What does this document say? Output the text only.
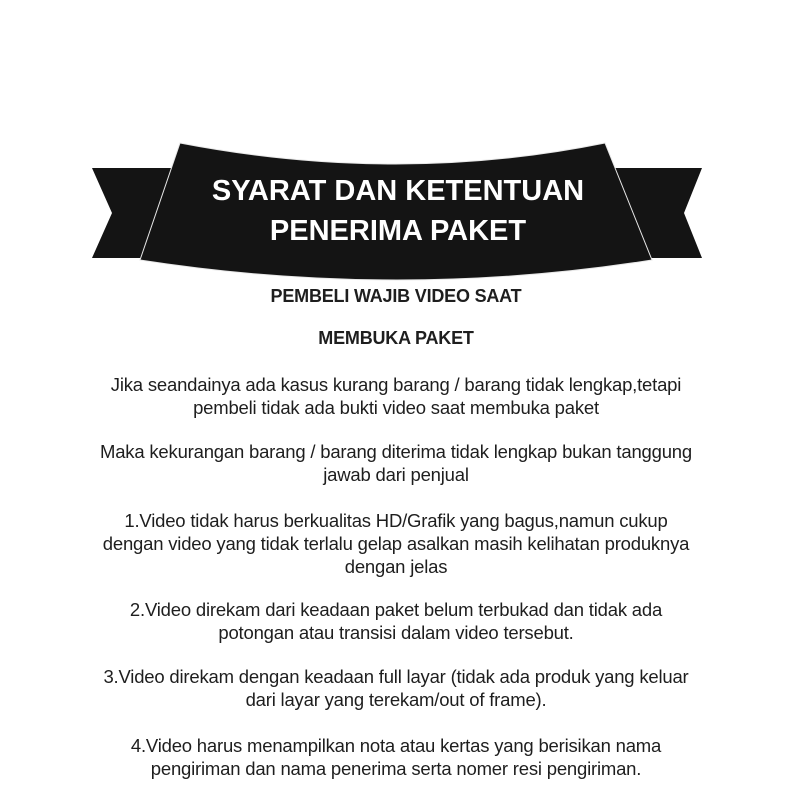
SYARAT DAN KETENTUAN
PENERIMA PAKET
PEMBELI WAJIB VIDEO SAAT
MEMBUKA PAKET
Jika seandainya ada kasus kurang barang / barang tidak lengkap,tetapi
pembeli tidak ada bukti video saat membuka paket
Maka kekurangan barang / barang diterima tidak lengkap bukan tanggung
jawab dari penjual
1.Video tidak harus berkualitas HD/Grafik yang bagus,namun cukup
dengan video yang tidak terlalu gelap asalkan masih kelihatan produknya
dengan jelas
2.Video direkam dari keadaan paket belum terbukad dan tidak ada
potongan atau transisi dalam video tersebut.
3.Video direkam dengan keadaan full layar (tidak ada produk yang keluar
dari layar yang terekam/out of frame).
4.Video harus menampilkan nota atau kertas yang berisikan nama
pengiriman dan nama penerima serta nomer resi pengiriman.
